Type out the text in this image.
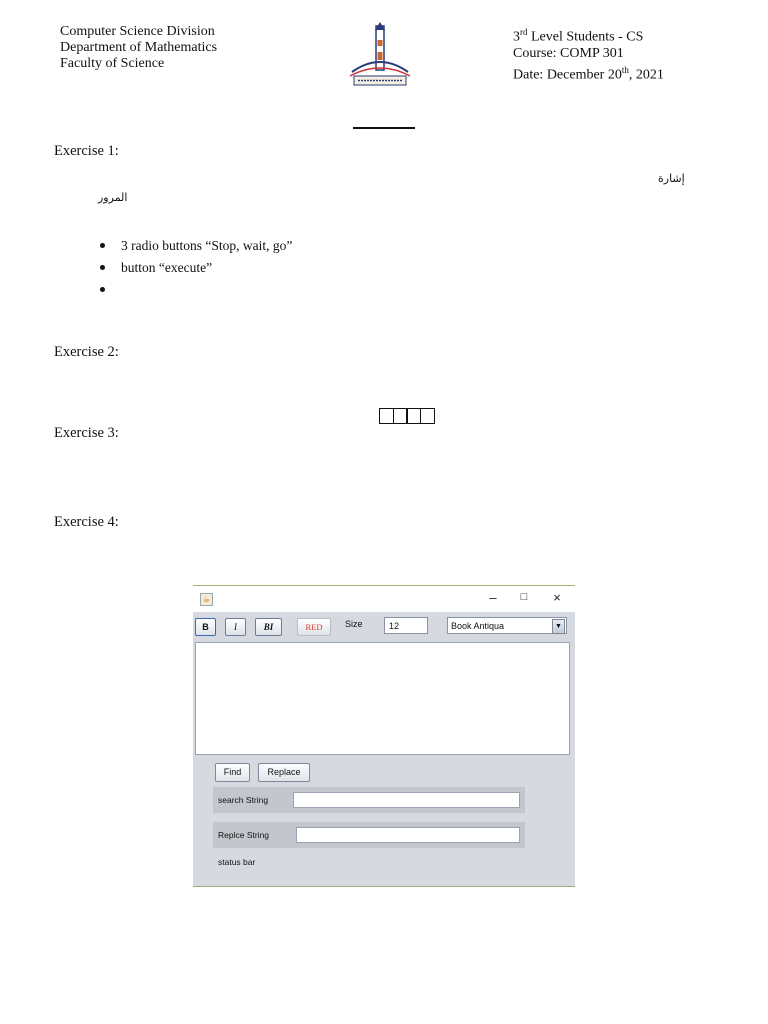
Computer Science Division
Department of Mathematics
Faculty of Science
3rd Level Students - CS
Course: COMP 301
Date: December 20th, 2021
Exercise 1:
إشارة
المرور
3 radio buttons “Stop, wait, go”
button “execute”
Exercise 2:
Exercise 3:
Exercise 4:
☕	–	□	×
B	I	BI	RED	Size	12	Book Antiqua	▼
Find	Replace
search String
Replce String
status bar
